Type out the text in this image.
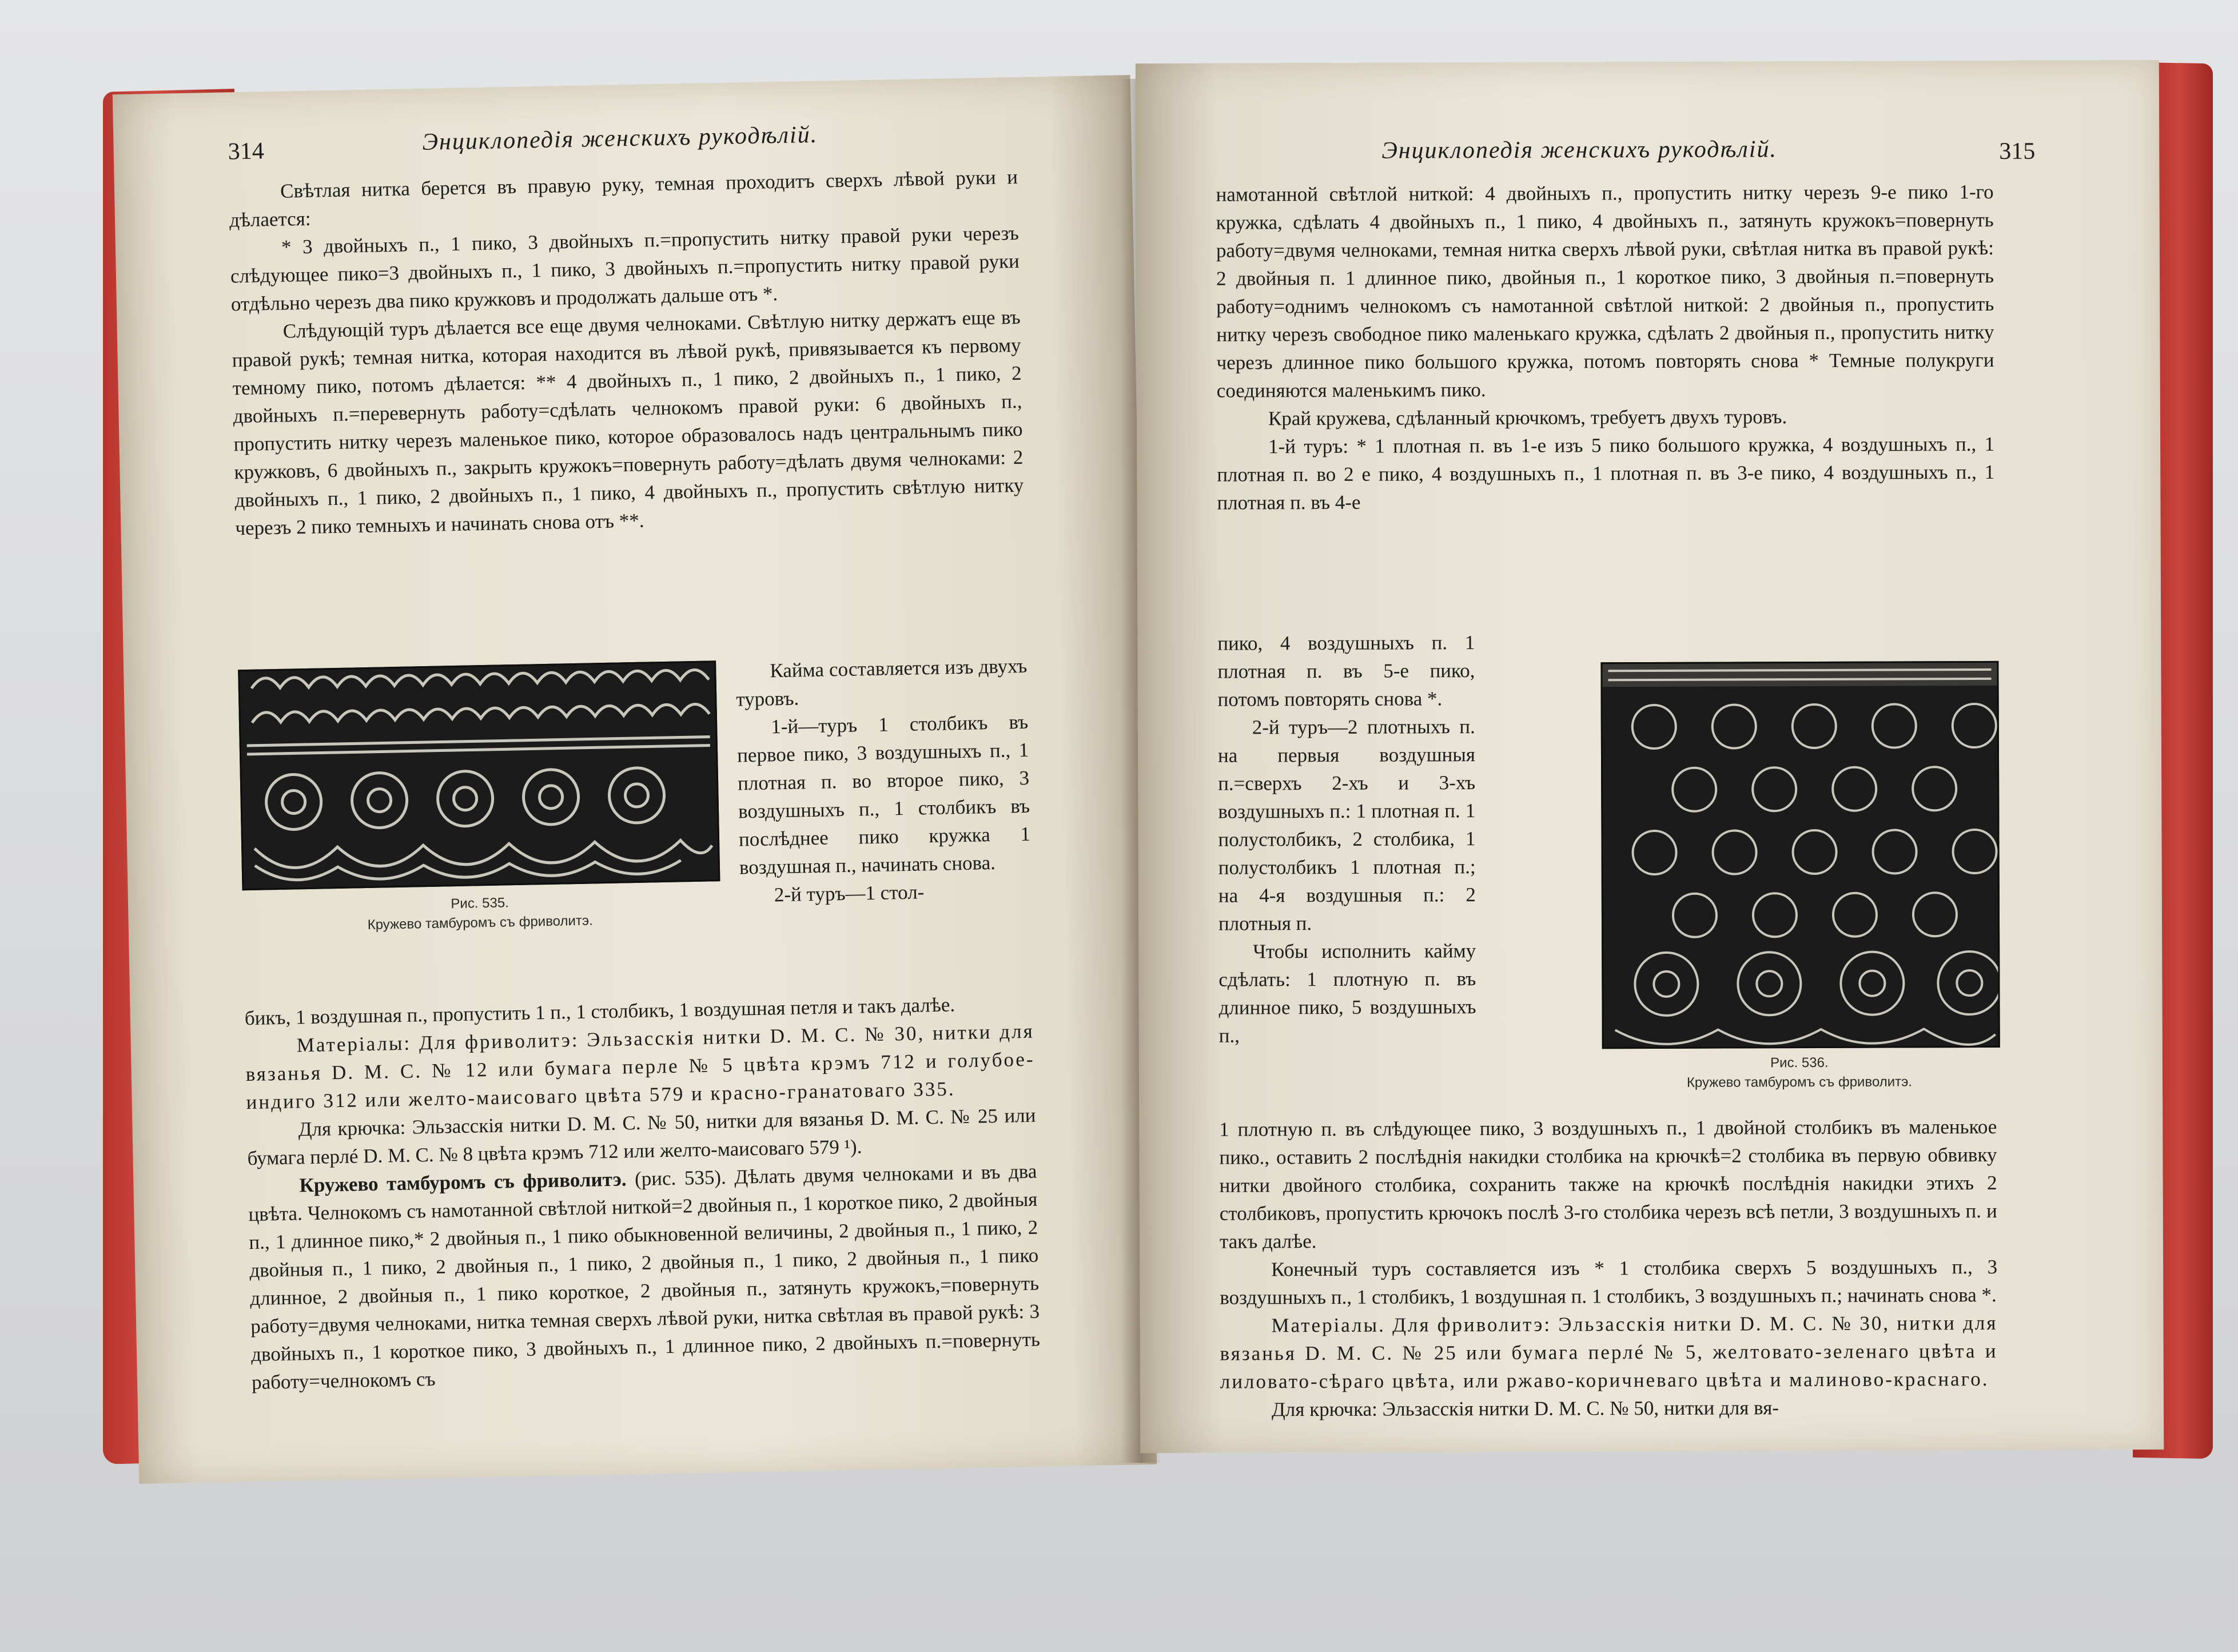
314	Энциклопедія женскихъ рукодѣлій.

Свѣтлая нитка берется въ правую руку, темная проходитъ сверхъ лѣвой руки и дѣлается:

* 3 двойныхъ п., 1 пико, 3 двойныхъ п.=пропустить нитку правой руки черезъ слѣдующее пико=3 двойныхъ п., 1 пико, 3 двойныхъ п.=пропустить нитку правой руки отдѣльно черезъ два пико кружковъ и продолжать дальше отъ *.

Слѣдующій туръ дѣлается все еще двумя челноками. Свѣтлую нитку держатъ еще въ правой рукѣ; темная нитка, которая находится въ лѣвой рукѣ, привязывается къ первому темному пико, потомъ дѣлается: ** 4 двойныхъ п., 1 пико, 2 двойныхъ п., 1 пико, 2 двойныхъ п.=перевернуть работу=сдѣлать челнокомъ правой руки: 6 двойныхъ п., пропустить нитку черезъ маленькое пико, которое образовалось надъ центральнымъ пико кружковъ, 6 двойныхъ п., закрыть кружокъ=повернуть работу=дѣлать двумя челноками: 2 двойныхъ п., 1 пико, 2 двойныхъ п., 1 пико, 4 двойныхъ п., пропустить свѣтлую нитку черезъ 2 пико темныхъ и начинать снова отъ **.

Рис. 535.
Кружево тамбуромъ съ фриволитэ.

Кайма составляется изъ двухъ туровъ.

1-й—туръ 1 столбикъ въ первое пико, 3 воздушныхъ п., 1 плотная п. во второе пико, 3 воздушныхъ п., 1 столбикъ въ послѣднее пико кружка 1 воздушная п., начинать снова.

2-й туръ—1 стол-

бикъ, 1 воздушная п., пропустить 1 п., 1 столбикъ, 1 воздушная петля и такъ далѣе.

Матеріалы: Для фриволитэ: Эльзасскія нитки D. M. C. № 30, нитки для вязанья D. M. C. № 12 или бумага перле № 5 цвѣта крэмъ 712 и голубое-индиго 312 или желто-маисоваго цвѣта 579 и красно-гранатоваго 335.

Для крючка: Эльзасскія нитки D. M. C. № 50, нитки для вязанья D. M. C. № 25 или бумага перлé D. M. C. № 8 цвѣта крэмъ 712 или желто-маисоваго 579 ¹).

Кружево тамбуромъ съ фриволитэ. (рис. 535). Дѣлать двумя челноками и въ два цвѣта. Челнокомъ съ намотанной свѣтлой ниткой=2 двойныя п., 1 короткое пико, 2 двойныя п., 1 длинное пико,* 2 двойныя п., 1 пико обыкновенной величины, 2 двойныя п., 1 пико, 2 двойныя п., 1 пико, 2 двойныя п., 1 пико, 2 двойныя п., 1 пико, 2 двойныя п., 1 пико длинное, 2 двойныя п., 1 пико короткое, 2 двойныя п., затянуть кружокъ,=повернуть работу=двумя челноками, нитка темная сверхъ лѣвой руки, нитка свѣтлая въ правой рукѣ: 3 двойныхъ п., 1 короткое пико, 3 двойныхъ п., 1 длинное пико, 2 двойныхъ п.=повернуть работу=челнокомъ съ

Энциклопедія женскихъ рукодѣлій.	315

намотанной свѣтлой ниткой: 4 двойныхъ п., пропустить нитку черезъ 9-е пико 1-го кружка, сдѣлать 4 двойныхъ п., 1 пико, 4 двойныхъ п., затянуть кружокъ=повернуть работу=двумя челноками, темная нитка сверхъ лѣвой руки, свѣтлая нитка въ правой рукѣ: 2 двойныя п. 1 длинное пико, двойныя п., 1 короткое пико, 3 двойныя п.=повернуть работу=однимъ челнокомъ съ намотанной свѣтлой ниткой: 2 двойныя п., пропустить нитку черезъ свободное пико маленькаго кружка, сдѣлать 2 двойныя п., пропустить нитку черезъ длинное пико большого кружка, потомъ повторять снова * Темные полукруги соединяются маленькимъ пико.

Край кружева, сдѣланный крючкомъ, требуетъ двухъ туровъ.

1-й туръ: * 1 плотная п. въ 1-е изъ 5 пико большого кружка, 4 воздушныхъ п., 1 плотная п. во 2 е пико, 4 воздушныхъ п., 1 плотная п. въ 3-е пико, 4 воздушныхъ п., 1 плотная п. въ 4-е

пико, 4 воздушныхъ п. 1 плотная п. въ 5-е пико, потомъ повторять снова *.

2-й туръ—2 плотныхъ п. на первыя воздушныя п.=сверхъ 2-хъ и 3-хъ воздушныхъ п.: 1 плотная п. 1 полустолбикъ, 2 столбика, 1 полустолбикъ 1 плотная п.; на 4-я воздушныя п.: 2 плотныя п.

Чтобы исполнить кайму сдѣлать: 1 плотную п. въ длинное пико, 5 воздушныхъ п.,

Рис. 536.
Кружево тамбуромъ съ фриволитэ.

1 плотную п. въ слѣдующее пико, 3 воздушныхъ п., 1 двойной столбикъ въ маленькое пико., оставить 2 послѣднія накидки столбика на крючкѣ=2 столбика въ первую обвивку нитки двойного столбика, сохранить также на крючкѣ послѣднія накидки этихъ 2 столбиковъ, пропустить крючокъ послѣ 3-го столбика черезъ всѣ петли, 3 воздушныхъ п. и такъ далѣе.

Конечный туръ составляется изъ * 1 столбика сверхъ 5 воздушныхъ п., 3 воздушныхъ п., 1 столбикъ, 1 воздушная п. 1 столбикъ, 3 воздушныхъ п.; начинать снова *.

Матеріалы. Для фриволитэ: Эльзасскія нитки D. M. C. № 30, нитки для вязанья D. M. C. № 25 или бумага перлé № 5, желтовато-зеленаго цвѣта и лиловато-сѣраго цвѣта, или ржаво-коричневаго цвѣта и малиново-краснаго.

Для крючка: Эльзасскія нитки D. M. C. № 50, нитки для вя-
